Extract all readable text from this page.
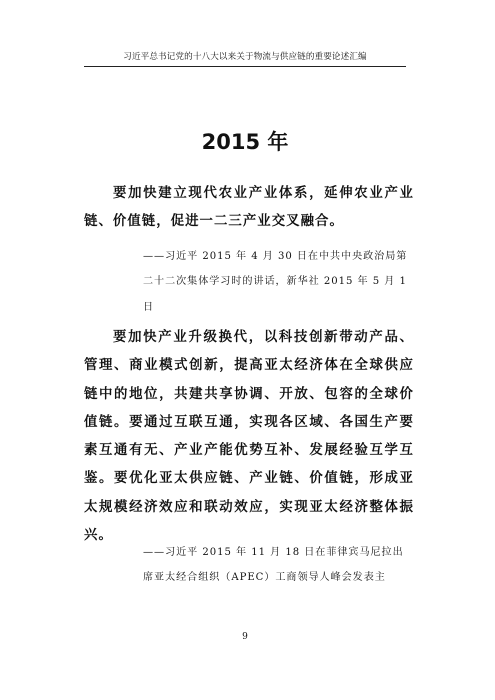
习近平总书记党的十八大以来关于物流与供应链的重要论述汇编
2015 年

要加快建立现代农业产业体系，延伸农业产业链、价值链，促进一二三产业交叉融合。

——习近平 2015 年 4 月 30 日在中共中央政治局第二十二次集体学习时的讲话，新华社 2015 年 5 月 1 日

要加快产业升级换代，以科技创新带动产品、管理、商业模式创新，提高亚太经济体在全球供应链中的地位，共建共享协调、开放、包容的全球价值链。要通过互联互通，实现各区域、各国生产要素互通有无、产业产能优势互补、发展经验互学互鉴。要优化亚太供应链、产业链、价值链，形成亚太规模经济效应和联动效应，实现亚太经济整体振兴。

——习近平 2015 年 11 月 18 日在菲律宾马尼拉出席亚太经合组织（APEC）工商领导人峰会发表主

9
